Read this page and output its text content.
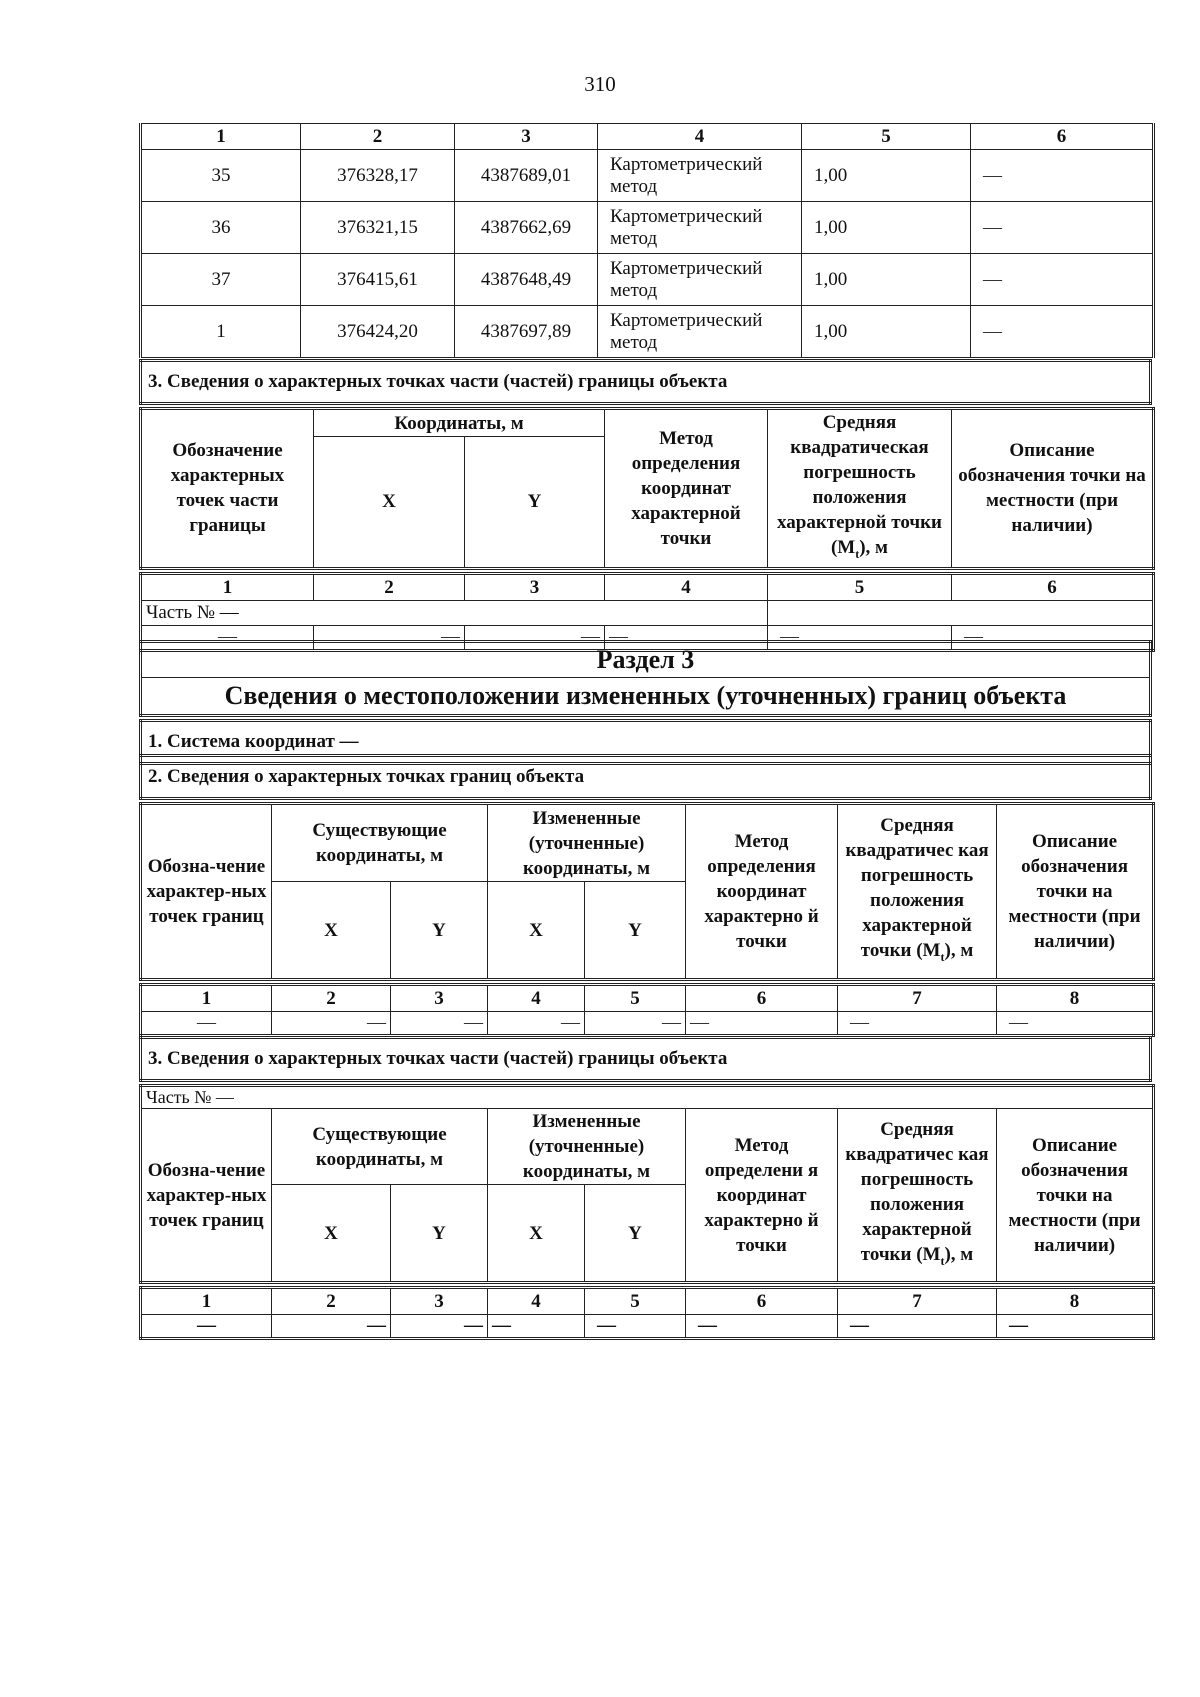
310
1	2	3	4	5	6
35	376328,17	4387689,01	Картометрический метод	1,00	—
36	376321,15	4387662,69	Картометрический метод	1,00	—
37	376415,61	4387648,49	Картометрический метод	1,00	—
1	376424,20	4387697,89	Картометрический метод	1,00	—
3. Сведения о характерных точках части (частей) границы объекта
Обозначение характерных точек части границы	Координаты, м		Метод определения координат характерной точки	Средняя квадратическая погрешность положения характерной точки $(M_t)$, м	Описание обозначения точки на местности (при наличии)
	X	Y			
1	2	3	4	5	6
Часть № —					
—	—	—	—	—	—
Раздел 3
Сведения о местоположении измененных (уточненных) границ объекта
1. Система координат —
2. Сведения о характерных точках границ объекта
Обозна-чение характер-ных точек границ	Существующие координаты, м		Измененные (уточненные) координаты, м		Метод определения координат характерно й точки	Средняя квадратичес кая погрешность положения характерной точки $(M_t)$, м	Описание обозначения точки на местности (при наличии)
	X	Y	X	Y			
1	2	3	4	5	6	7	8
—	—	—	—	—	—	—	—
3. Сведения о характерных точках части (частей) границы объекта
Часть № —							
Обозна-чение характер-ных точек границ	Существующие координаты, м		Измененные (уточненные) координаты, м		Метод определени я координат характерно й точки	Средняя квадратичес кая погрешность положения характерной точки $(M_t)$, м	Описание обозначения точки на местности (при наличии)
	X	Y	X	Y			
1	2	3	4	5	6	7	8
—	—	—	—	—	—	—	—
